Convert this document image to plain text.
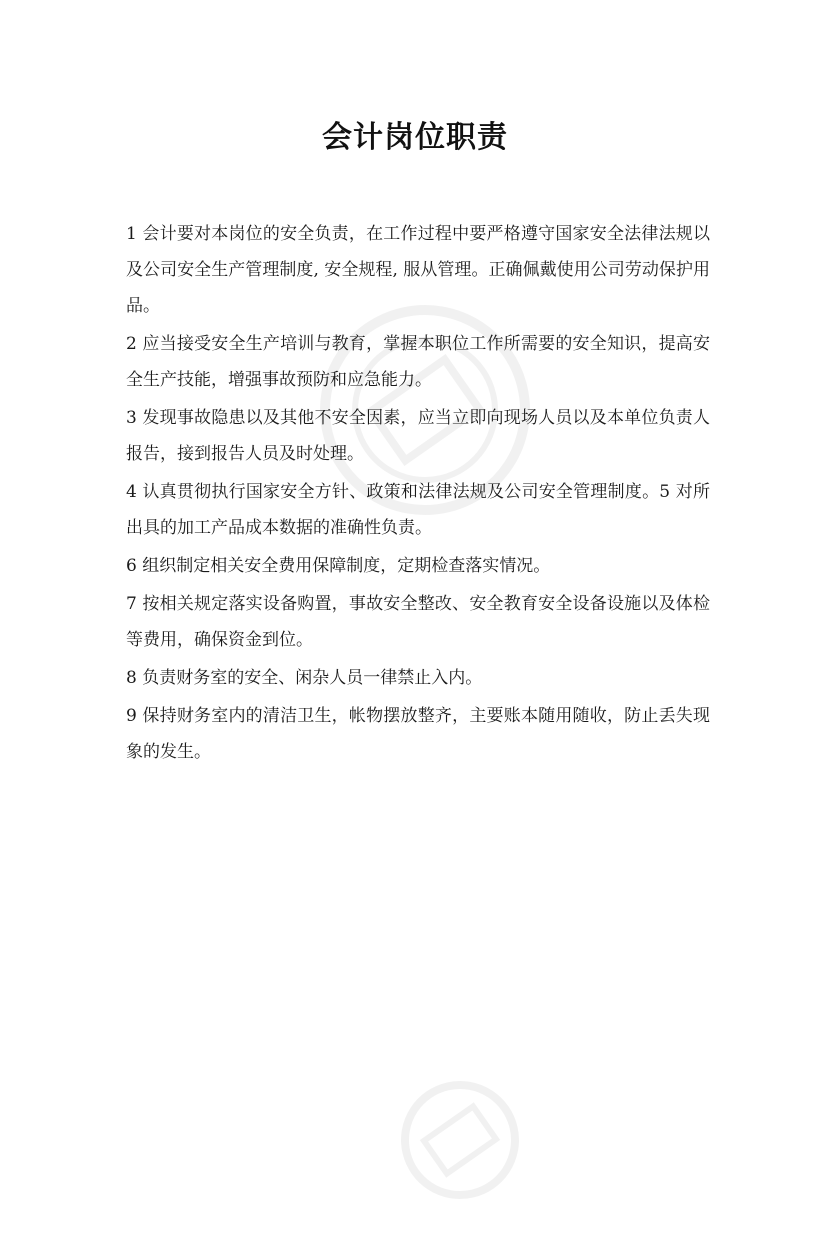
会计岗位职责

1 会计要对本岗位的安全负责，在工作过程中要严格遵守国家安全法律法规以及公司安全生产管理制度, 安全规程, 服从管理。正确佩戴使用公司劳动保护用品。

2 应当接受安全生产培训与教育，掌握本职位工作所需要的安全知识，提高安全生产技能，增强事故预防和应急能力。

3 发现事故隐患以及其他不安全因素，应当立即向现场人员以及本单位负责人报告，接到报告人员及时处理。

4 认真贯彻执行国家安全方针、政策和法律法规及公司安全管理制度。5 对所出具的加工产品成本数据的准确性负责。

6 组织制定相关安全费用保障制度，定期检查落实情况。

7 按相关规定落实设备购置，事故安全整改、安全教育安全设备设施以及体检等费用，确保资金到位。

8 负责财务室的安全、闲杂人员一律禁止入内。

9 保持财务室内的清洁卫生，帐物摆放整齐，主要账本随用随收，防止丢失现象的发生。
